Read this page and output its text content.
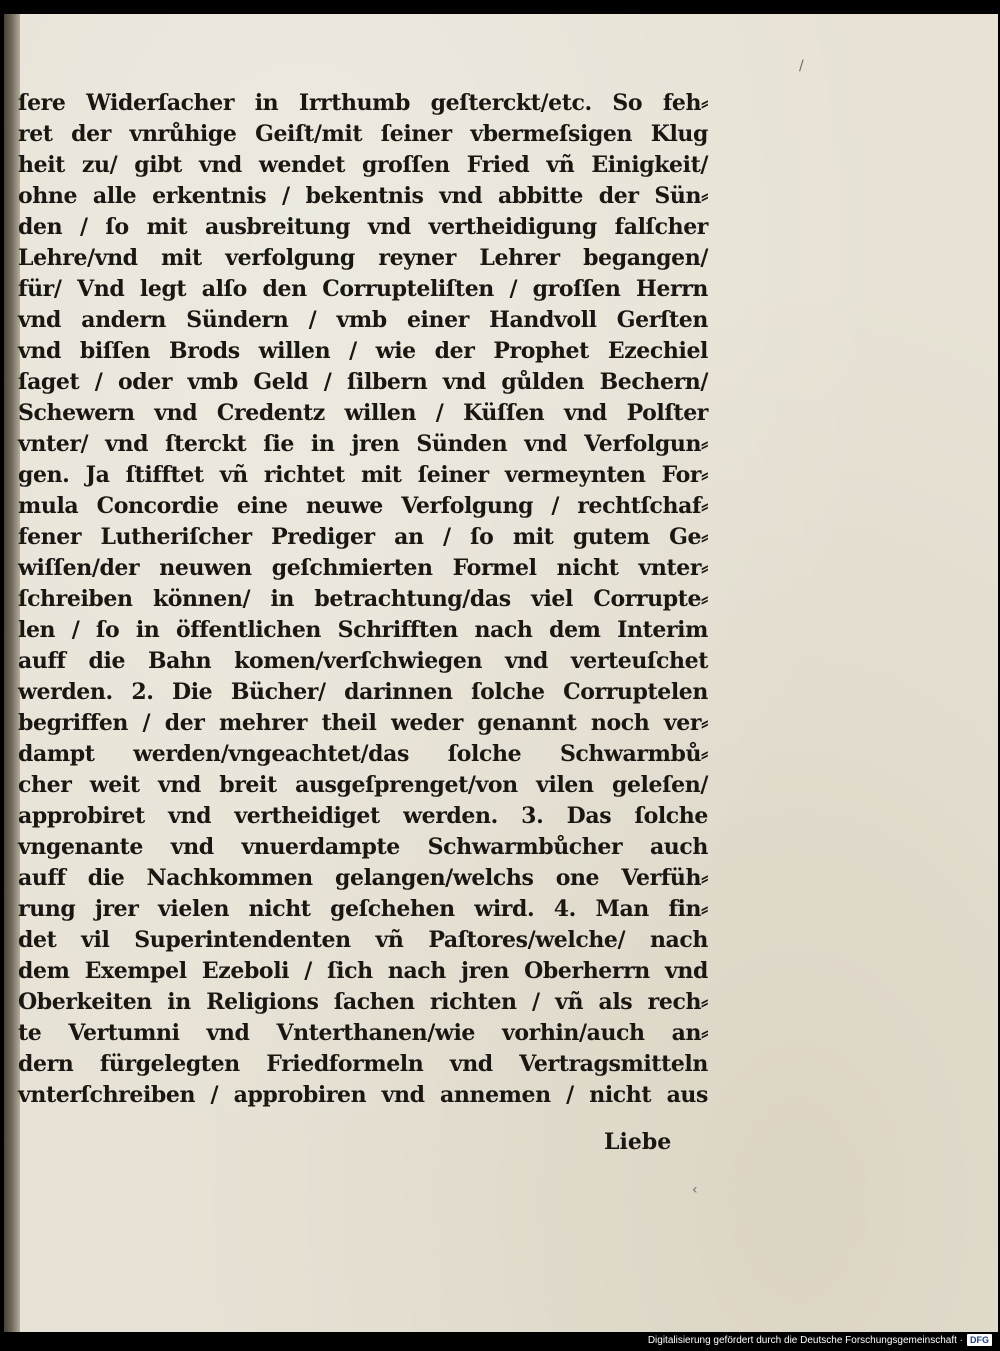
ſere Widerſacher in Irrthumb geſterckt/etc. So feh⸗
ret der vnrůhige Geiſt/mit ſeiner vbermeſsigen Klug
heit zu/ gibt vnd wendet groſſen Fried vñ Einigkeit/
ohne alle erkentnis / bekentnis vnd abbitte der Sün⸗
den / ſo mit ausbreitung vnd vertheidigung falſcher
Lehre/vnd mit verfolgung reyner Lehrer begangen/
für/ Vnd legt alſo den Corrupteliſten / groſſen Herrn
vnd andern Sündern / vmb einer Handvoll Gerſten
vnd biſſen Brods willen / wie der Prophet Ezechiel
ſaget / oder vmb Geld / ſilbern vnd gůlden Bechern/
Schewern vnd Credentz willen / Küſſen vnd Polſter
vnter/ vnd ſterckt ſie in jren Sünden vnd Verfolgun⸗
gen. Ja ſtifftet vñ richtet mit ſeiner vermeynten For⸗
mula Concordie eine neuwe Verfolgung / rechtſchaf⸗
fener Lutheriſcher Prediger an / ſo mit gutem Ge⸗
wiſſen/der neuwen geſchmierten Formel nicht vnter⸗
ſchreiben können/ in betrachtung/das viel Corrupte⸗
len / ſo in öffentlichen Schrifften nach dem Interim
auff die Bahn komen/verſchwiegen vnd verteuſchet
werden. 2. Die Bücher/ darinnen ſolche Corruptelen
begriffen / der mehrer theil weder genannt noch ver⸗
dampt werden/vngeachtet/das ſolche Schwarmbů⸗
cher weit vnd breit ausgeſprenget/von vilen geleſen/
approbiret vnd vertheidiget werden. 3. Das ſolche
vngenante vnd vnuerdampte Schwarmbůcher auch
auff die Nachkommen gelangen/welchs one Verfüh⸗
rung jrer vielen nicht geſchehen wird. 4. Man fin⸗
det vil Superintendenten vñ Paſtores/welche/ nach
dem Exempel Ezeboli / ſich nach jren Oberherrn vnd
Oberkeiten in Religions ſachen richten / vñ als rech⸗
te Vertumni vnd Vnterthanen/wie vorhin/auch an⸗
dern fürgelegten Friedformeln vnd Vertragsmitteln
vnterſchreiben / approbiren vnd annemen / nicht aus
Liebe
/
‹
Digitalisierung gefördert durch die Deutsche Forschungsgemeinschaft · DFG
